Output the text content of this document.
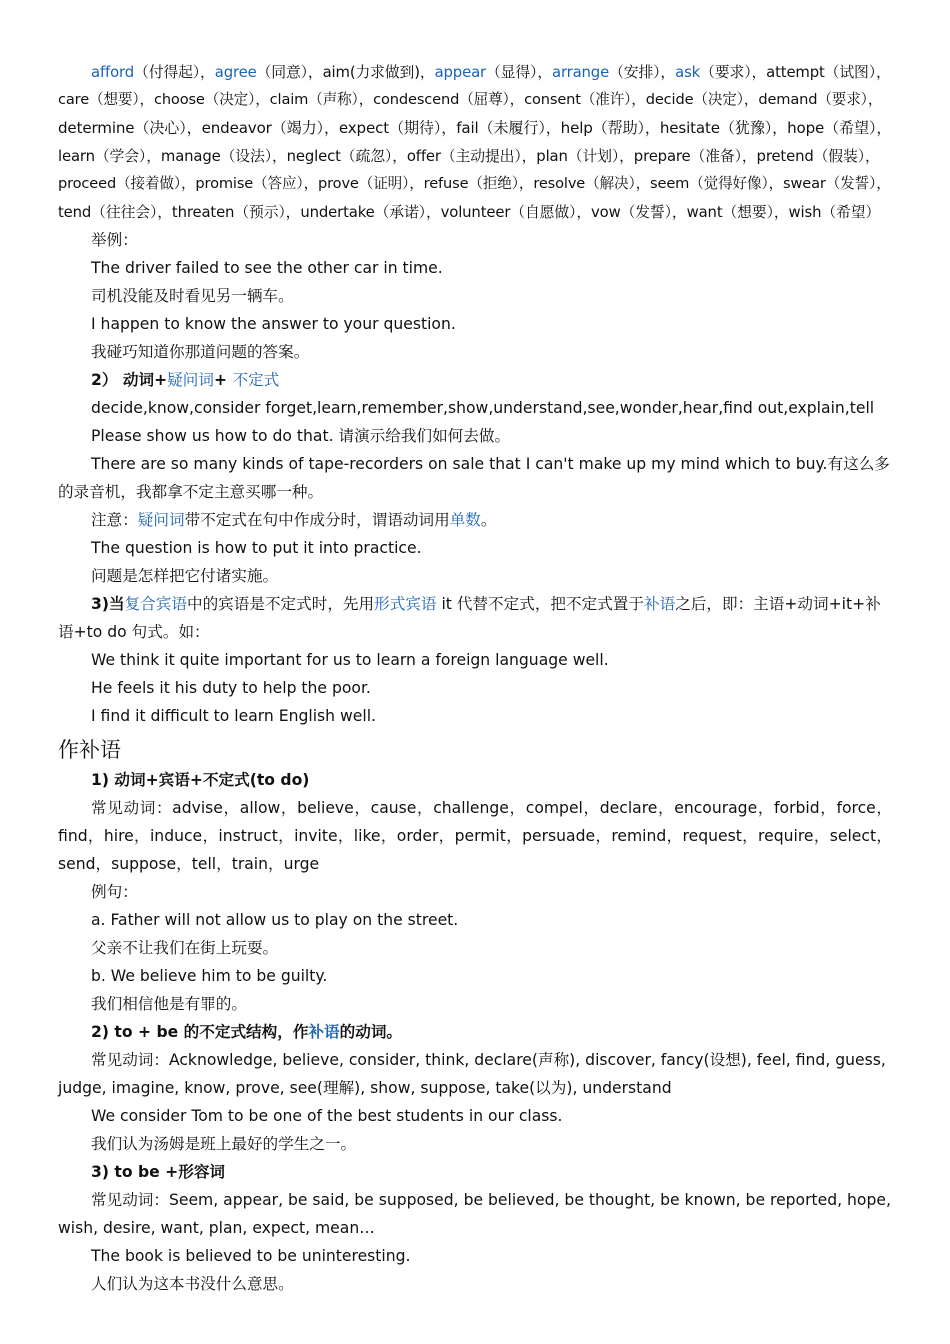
afford（付得起），agree（同意），aim(力求做到)，appear（显得），arrange（安排），ask（要求），attempt（试图），

care（想要），choose（决定），claim（声称），condescend（屈尊），consent（准许），decide（决定），demand（要求），

determine（决心），endeavor（竭力），expect（期待），fail（未履行），help（帮助），hesitate（犹豫），hope（希望），

learn（学会），manage（设法），neglect（疏忽），offer（主动提出），plan（计划），prepare（准备），pretend（假装），

proceed（接着做），promise（答应），prove（证明），refuse（拒绝），resolve（解决），seem（觉得好像），swear（发誓），

tend（往往会），threaten（预示），undertake（承诺），volunteer（自愿做），vow（发誓），want（想要），wish（希望）

举例：

The driver failed to see the other car in time.

司机没能及时看见另一辆车。

I happen to know the answer to your question.

我碰巧知道你那道问题的答案。

2） 动词+疑问词+ 不定式

decide,know,consider forget,learn,remember,show,understand,see,wonder,hear,find out,explain,tell

Please show us how to do that. 请演示给我们如何去做。

There are so many kinds of tape-recorders on sale that I can't make up my mind which to buy.有这么多的录音机，我都拿不定主意买哪一种。

注意：疑问词带不定式在句中作成分时，谓语动词用单数。

The question is how to put it into practice.

问题是怎样把它付诸实施。

3)当复合宾语中的宾语是不定式时，先用形式宾语 it 代替不定式，把不定式置于补语之后，即：主语+动词+it+补语+to do 句式。如：

We think it quite important for us to learn a foreign language well.

He feels it his duty to help the poor.

I find it difficult to learn English well.

作补语

1) 动词+宾语+不定式(to do)

常见动词：advise，allow，believe，cause，challenge，compel，declare，encourage，forbid，force，find，hire，induce，instruct，invite，like，order，permit，persuade，remind，request，require，select，send，suppose，tell，train，urge

例句：

a. Father will not allow us to play on the street.

父亲不让我们在街上玩耍。

b. We believe him to be guilty.

我们相信他是有罪的。

2) to + be 的不定式结构，作补语的动词。

常见动词：Acknowledge, believe, consider, think, declare(声称), discover, fancy(设想), feel, find, guess, judge, imagine, know, prove, see(理解), show, suppose, take(以为), understand

We consider Tom to be one of the best students in our class.

我们认为汤姆是班上最好的学生之一。

3) to be +形容词

常见动词：Seem, appear, be said, be supposed, be believed, be thought, be known, be reported, hope, wish, desire, want, plan, expect, mean…

The book is believed to be uninteresting.

人们认为这本书没什么意思。
